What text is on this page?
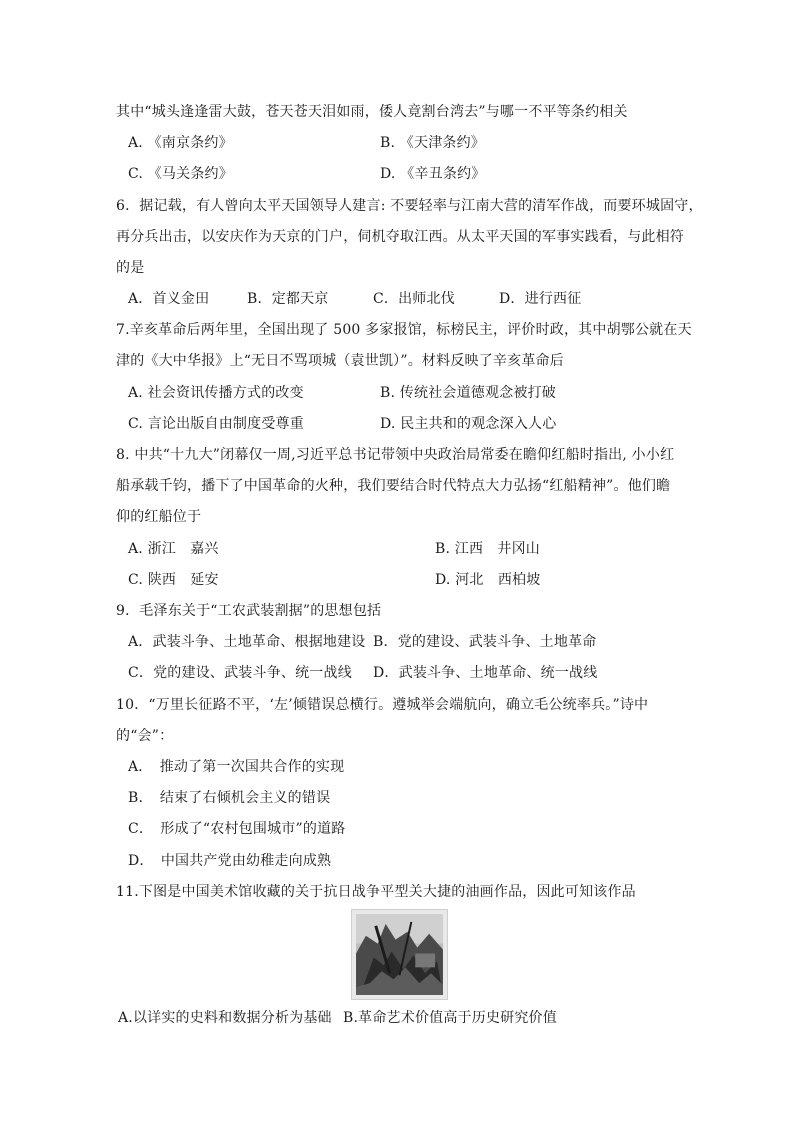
其中“城头逢逢雷大鼓，苍天苍天泪如雨，倭人竟割台湾去”与哪一不平等条约相关
A. 《南京条约》	B. 《天津条约》
C. 《马关条约》	D. 《辛丑条约》
6．据记载，有人曾向太平天国领导人建言: 不要轻率与江南大营的清军作战，而要环城固守，
再分兵出击，以安庆作为天京的门户，伺机夺取江西。从太平天国的军事实践看，与此相符
的是
A．首义金田	B．定都天京	C．出师北伐	D．进行西征
7.辛亥革命后两年里，全国出现了 500 多家报馆，标榜民主，评价时政，其中胡鄂公就在天
津的《大中华报》上“无日不骂项城（袁世凯）”。材料反映了辛亥革命后
A. 社会资讯传播方式的改变	B. 传统社会道德观念被打破
C. 言论出版自由制度受尊重	D. 民主共和的观念深入人心
8. 中共“十九大”闭幕仅一周,习近平总书记带领中央政治局常委在瞻仰红船时指出, 小小红
船承载千钧，播下了中国革命的火种，我们要结合时代特点大力弘扬“红船精神”。他们瞻
仰的红船位于
A. 浙江　嘉兴	B. 江西　井冈山
C. 陕西　延安	D. 河北　西柏坡
9．毛泽东关于“工农武装割据”的思想包括
A．武装斗争、土地革命、根据地建设 B．党的建设、武装斗争、土地革命
C．党的建设、武装斗争、统一战线 D．武装斗争、土地革命、统一战线
10．“万里长征路不平，‘左’倾错误总横行。遵城举会端航向，确立毛公统率兵。”诗中
的“会”：
A．　推动了第一次国共合作的实现
B．　结束了右倾机会主义的错误
C．　形成了“农村包围城市”的道路
D．　中国共产党由幼稚走向成熟
11.下图是中国美术馆收藏的关于抗日战争平型关大捷的油画作品，因此可知该作品
A.以详实的史料和数据分析为基础 B.革命艺术价值高于历史研究价值
